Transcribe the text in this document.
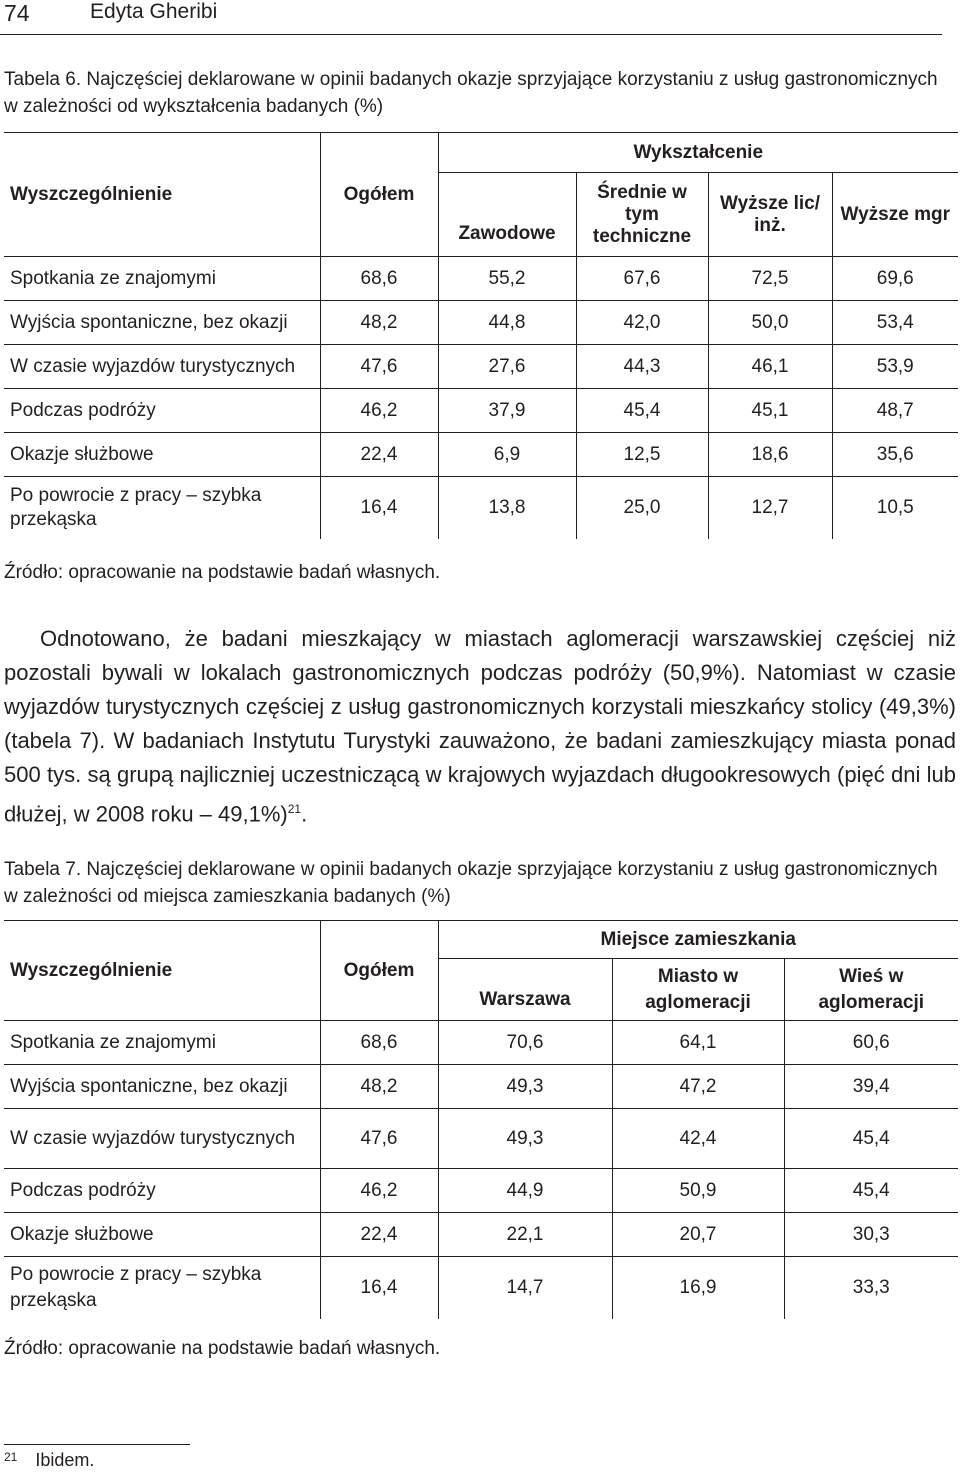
74	Edyta Gheribi
Tabela 6. Najczęściej deklarowane w opinii badanych okazje sprzyjające korzystaniu z usług gastronomicznych w zależności od wykształcenia badanych (%)
Wyszczególnienie	Ogółem	Wykształcenie			
		Zawodowe	Średnie w tym techniczne	Wyższe lic/ inż.	Wyższe mgr
Spotkania ze znajomymi	68,6	55,2	67,6	72,5	69,6
Wyjścia spontaniczne, bez okazji	48,2	44,8	42,0	50,0	53,4
W czasie wyjazdów turystycznych	47,6	27,6	44,3	46,1	53,9
Podczas podróży	46,2	37,9	45,4	45,1	48,7
Okazje służbowe	22,4	6,9	12,5	18,6	35,6
Po powrocie z pracy – szybka przekąska	16,4	13,8	25,0	12,7	10,5
Źródło: opracowanie na podstawie badań własnych.

Odnotowano, że badani mieszkający w miastach aglomeracji warszawskiej częściej niż pozostali bywali w lokalach gastronomicznych podczas podróży (50,9%). Natomiast w czasie wyjazdów turystycznych częściej z usług gastronomicznych korzystali mieszkańcy stolicy (49,3%) (tabela 7). W badaniach Instytutu Turystyki zauważono, że badani zamieszkujący miasta ponad 500 tys. są grupą najliczniej uczestniczącą w krajowych wyjazdach długookresowych (pięć dni lub dłużej, w 2008 roku – 49,1%)$^{21}$.

Tabela 7. Najczęściej deklarowane w opinii badanych okazje sprzyjające korzystaniu z usług gastronomicznych w zależności od miejsca zamieszkania badanych (%)
Wyszczególnienie	Ogółem	Miejsce zamieszkania		
		Warszawa	Miasto w aglomeracji	Wieś w aglomeracji
Spotkania ze znajomymi	68,6	70,6	64,1	60,6
Wyjścia spontaniczne, bez okazji	48,2	49,3	47,2	39,4
W czasie wyjazdów turystycznych	47,6	49,3	42,4	45,4
Podczas podróży	46,2	44,9	50,9	45,4
Okazje służbowe	22,4	22,1	20,7	30,3
Po powrocie z pracy – szybka przekąska	16,4	14,7	16,9	33,3
Źródło: opracowanie na podstawie badań własnych.
$^{21}$ Ibidem.
